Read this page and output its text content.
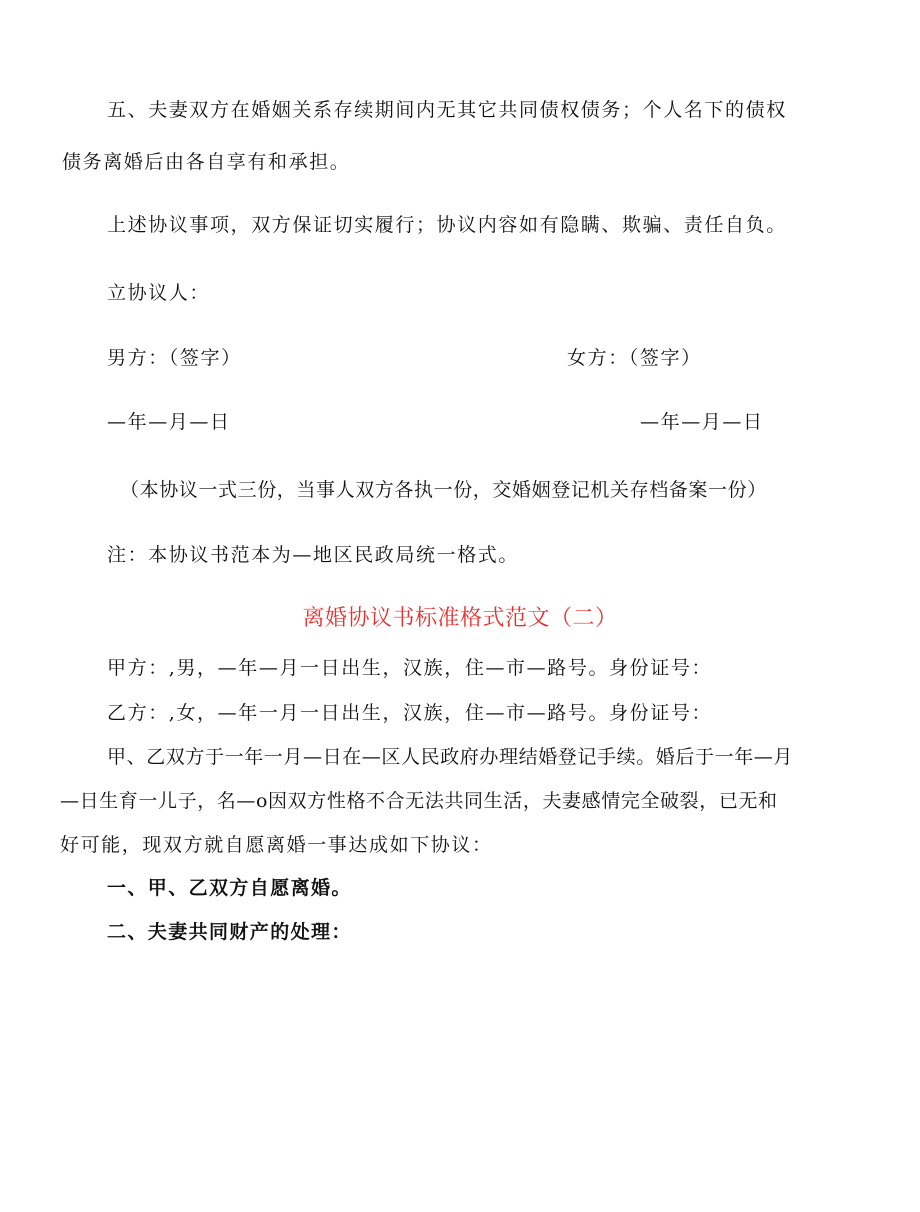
五、夫妻双方在婚姻关系存续期间内无其它共同债权债务；个人名下的债权
债务离婚后由各自享有和承担。
上述协议事项，双方保证切实履行；协议内容如有隐瞒、欺骗、责任自负。
立协议人：
男方：（签字）	女方：（签字）
—年—月—日	—年—月—日
（本协议一式三份，当事人双方各执一份，交婚姻登记机关存档备案一份）
注：本协议书范本为—地区民政局统一格式。
离婚协议书标准格式范文（二）
甲方：,男，—年—月一日出生，汉族，住—市—路号。身份证号：
乙方：,女，—年一月一日出生，汉族，住—市—路号。身份证号：
甲、乙双方于一年一月—日在—区人民政府办理结婚登记手续。婚后于一年—月
—日生育一儿子，名—o因双方性格不合无法共同生活，夫妻感情完全破裂，已无和
好可能，现双方就自愿离婚一事达成如下协议：
一、甲、乙双方自愿离婚。
二、夫妻共同财产的处理：
